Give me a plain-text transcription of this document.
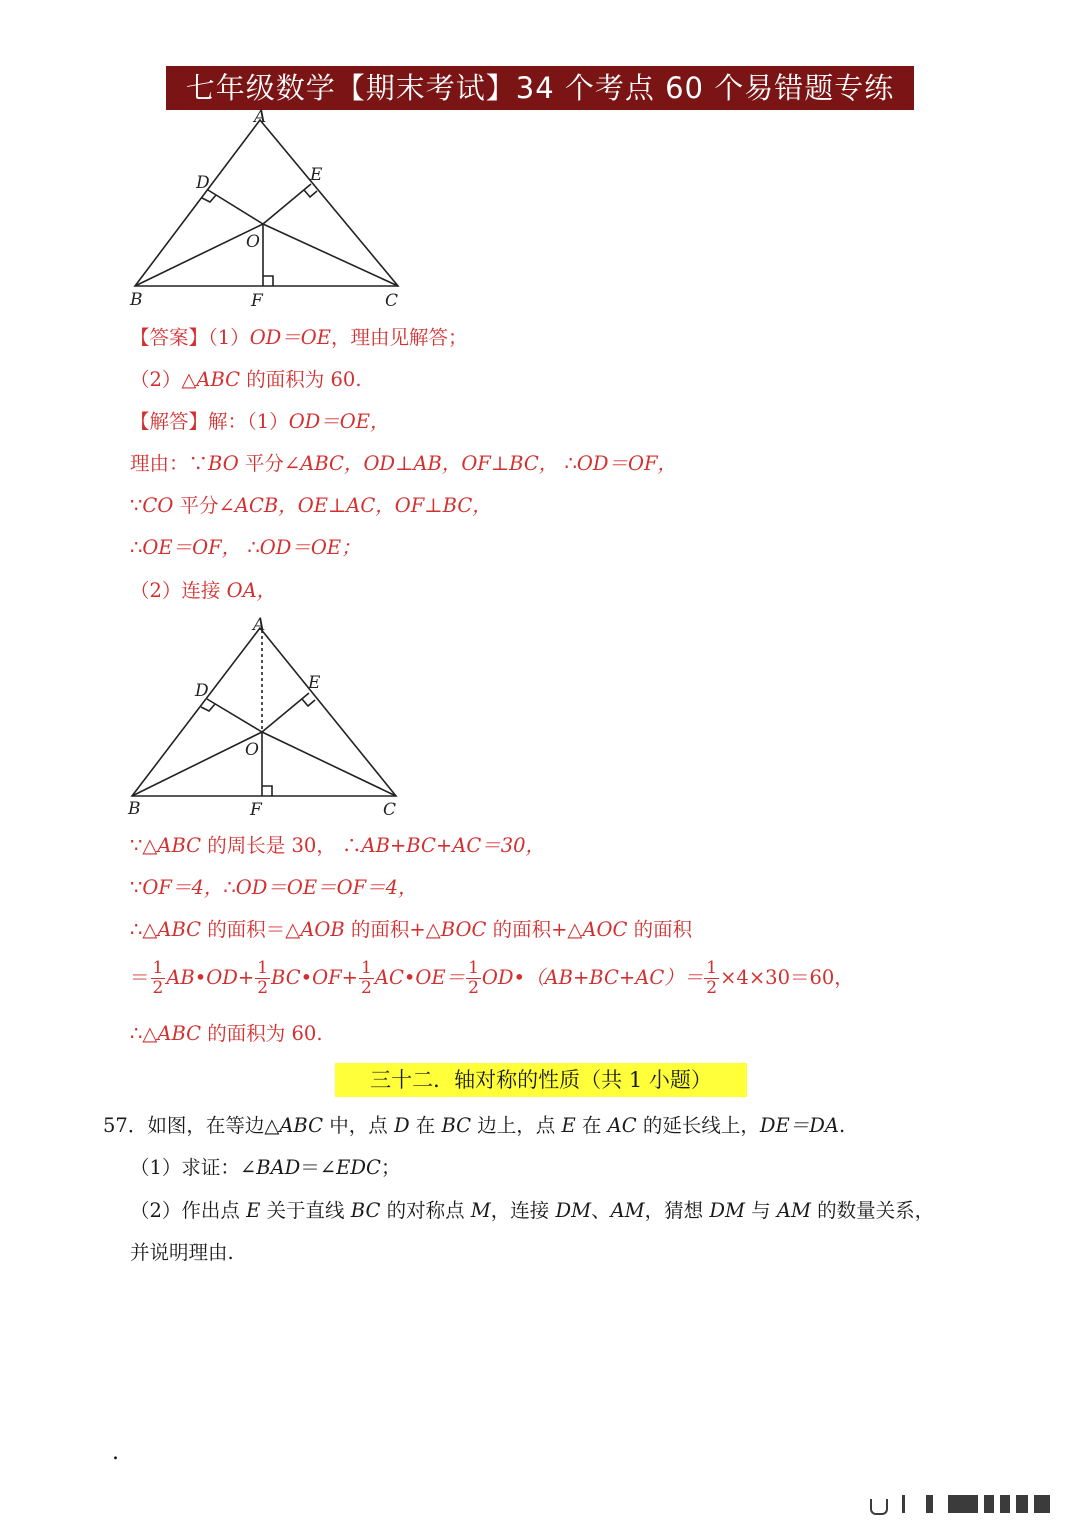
七年级数学【期末考试】34 个考点 60 个易错题专练
A
D	E
O
B	F	C
【答案】（1）OD＝OE，理由见解答；
（2）△ABC 的面积为 60.
【解答】解：（1）OD＝OE，
理由：∵BO 平分∠ABC，OD⊥AB，OF⊥BC， ∴OD＝OF，
∵CO 平分∠ACB，OE⊥AC，OF⊥BC，
∴OE＝OF， ∴OD＝OE；
（2）连接 OA，
A
D	E
O
B	F	C
∵△ABC 的周长是 30， ∴AB+BC+AC＝30，
∵OF＝4，∴OD＝OE＝OF＝4，
∴△ABC 的面积＝△AOB 的面积+△BOC 的面积+△AOC 的面积
＝ $\frac{1}{2}$ AB•OD+ $\frac{1}{2}$ BC•OF+ $\frac{1}{2}$ AC•OE＝ $\frac{1}{2}$ OD•（AB+BC+AC）＝ $\frac{1}{2} \times 4\times 30=60$，
∴△ABC 的面积为 60.
三十二．轴对称的性质（共 1 小题）
57．如图，在等边△ABC 中，点 D 在 BC 边上，点 E 在 AC 的延长线上，DE＝DA.
（1）求证：∠BAD＝∠EDC；
（2）作出点 E 关于直线 BC 的对称点 M，连接 DM、AM，猜想 DM 与 AM 的数量关系，
并说明理由.
.
